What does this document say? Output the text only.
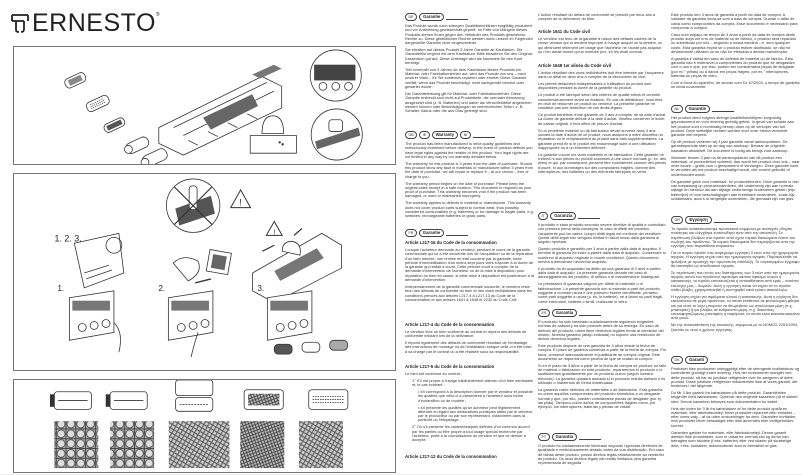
ERNESTO ®
!
1. 2. 3.
!
1.	2.	3.
DE	Garantie

Das Produkt wurde nach strengen Qualitätsrichtlinien sorgfältig produziert und vor Anlieferung gewissenhaft geprüft. Im Falle von Mängeln dieses Produkts stehen Ihnen gegen den Verkäufer des Produkts gesetzliche Rechte zu. Diese gesetzlichen Rechte werden durch unsere im Folgenden dargestellte Garantie nicht eingeschränkt.

Sie erhalten auf dieses Produkt 3 Jahre Garantie ab Kaufdatum. Die Garantiefrist beginnt mit dem Kaufdatum. Bitte bewahren Sie den Original-Kassenbon gut auf. Diese Unterlage wird als Nachweis für den Kauf benötigt.

Tritt innerhalb von 3 Jahren ab dem Kaufdatum dieses Produkts ein Material- oder Fabrikationsfehler auf, wird das Produkt von uns – nach unserer Wahl – für Sie kostenlos repariert oder ersetzt. Diese Garantie verfällt, wenn das Produkt beschädigt, nicht sachgemäß benutzt oder gewartet wurde.

Die Garantieleistung gilt für Material- oder Fabrikationsfehler. Diese Garantie erstreckt sich nicht auf Produktteile, die normaler Abnutzung ausgesetzt sind (z. B. Batterien) und daher als Verschleißteile angesehen werden können oder Beschädigungen an zerbrechlichen Teilen, z. B. Schalter, Akkus oder die aus Glas gefertigt sind.

GB	IE	Warranty	NI

The product has been manufactured to strict quality guidelines and meticulously examined before delivery. In the event of product defects you have legal rights against the retailer of this product. Your legal rights are not limited in any way by our warranty detailed below.

The warranty for this product is 3 years from the date of purchase. Should this product show any fault in materials or manufacture within 3 years from the date of purchase, we will repair or replace it – at our choice – free of charge to you.

The warranty period begins on the date of purchase. Please keep the original sales receipt in a safe location. This document is required as your proof of purchase. This warranty becomes void if the product has been damaged, or used or maintained improperly.

The warranty applies to defects in material or manufacture. This warranty does not cover product parts subject to normal wear, thus possibly considered consumables (e.g. batteries) or for damage to fragile parts, e.g. switches, rechargeable batteries or glass parts.

FR	Garantie
Article L217-16 du Code de la consommation

Lorsque l'acheteur demande au vendeur, pendant le cours de la garantie commerciale qui lui a été consentie lors de l'acquisition ou de la réparation d'un bien meuble, une remise en état couverte par la garantie, toute période d'immobilisation d'au moins sept jours vient s'ajouter à la durée de la garantie qui restait à courir. Cette période court à compter de la demande d'intervention de l'acheteur ou de la mise à disposition pour réparation du bien en cause, si cette mise à disposition est postérieure à la demande d'intervention.

Indépendamment de la garantie commerciale souscrite, le vendeur reste tenu des défauts de conformité du bien et des vices rédhibitoires dans les conditions prévues aux articles L217-4 à L217-13 du Code de la consommation et aux articles 1641 à 1648 et 2232 du Code Civil.

Article L217-4 du Code de la consommation

Le vendeur livre un bien conforme au contrat et répond des défauts de conformité existant lors de la délivrance.

Il répond également des défauts de conformité résultant de l'emballage, des instructions de montage ou de l'installation lorsque celle-ci a été mise à sa charge par le contrat ou a été réalisée sous sa responsabilité.

Article L217-5 du Code de la consommation

Le bien est conforme au contrat :

1° S'il est propre à l'usage habituellement attendu d'un bien semblable et, le cas échéant :

• s'il correspond à la description donnée par le vendeur et possède les qualités que celui-ci a présentées à l'acheteur sous forme d'échantillon ou de modèle ;

• s'il présente les qualités qu'un acheteur peut légitimement attendre eu égard aux déclarations publiques faites par le vendeur, par le producteur ou par son représentant, notamment dans la publicité ou l'étiquetage ;

2° Ou s'il présente les caractéristiques définies d'un commun accord par les parties ou être propre à tout usage spécial recherché par l'acheteur, porté à la connaissance du vendeur et que ce dernier a accepté.

Article L217-12 du Code de la consommation

L'action résultant du défaut de conformité se prescrit par deux ans à compter de la délivrance du bien.

Article 1641 du Code civil

Le vendeur est tenu de la garantie à raison des défauts cachés de la chose vendue qui la rendent impropre à l'usage auquel on la destine, ou qui diminuent tellement cet usage que l'acheteur ne l'aurait pas acquise, ou n'en aurait donné qu'un moindre prix, s'il les avait connus.

Article 1648 1er alinéa du Code civil

L'action résultant des vices rédhibitoires doit être intentée par l'acquéreur dans un délai de deux ans à compter de la découverte du vice.

Les pièces détachées indispensables à l'utilisation du produit sont disponibles pendant la durée de la garantie du produit.

Le produit a été fabriqué selon des critères de qualité stricts et contrôlé consciencieusement avant sa livraison. En cas de défaillance, vous êtes en droit de retourner ce produit au vendeur. La présente garantie ne constitue pas une restriction de vos droits légaux.

Ce produit bénéficie d'une garantie de 3 ans à compter de sa date d'achat. La durée de garantie débute à la date d'achat. Veuillez conserver le ticket de caisse original. Il fera office de preuve d'achat.

Si un problème matériel ou de fabrication devait survenir dans 3 ans suivant la date d'achat de ce produit, nous assurons à notre discrétion la réparation ou le remplacement du produit sans frais supplémentaires. La garantie prend fin si le produit est endommagé suite à une utilisation inappropriée ou à un entretien déficient.

La garantie couvre les vices matériels et de fabrication. Cette garantie ne s'étend ni aux pièces du produit soumises à une usure normale (p. ex. des piles) et qui, par conséquent, peuvent être considérées comme des pièces d'usure, ni aux dommages sur des composants fragiles, comme des interrupteurs, des batteries ou des éléments fabriqués en verre.

IT	Garanzia

Il prodotto è stato prodotto secondo severe direttive di qualità e controllato con premura prima della consegna. In caso di difetti del prodotto, l'acquirente può far valere i propri diritti legali nei confronti del venditore. Questi diritti legali non vengono limitati in alcun modo dalla garanzia di seguito riportata.

Questo prodotto è garantito per 3 anni a partire dalla data di acquisto. Il termine di garanzia ha inizio a partire dalla data di acquisto. Conservare lo scontrino di acquisto originale in buone condizioni. Questo documento servirà a dimostrare l'avvenuto acquisto.

Il prodotto da lei acquistato ha diritto ad una garanzia di 3 anni a partire dalla data di acquisto. La presente garanzia decade nel caso di danneggiamento del prodotto, di utilizzo o di manutenzione inadeguati.

Le prestazioni di garanzia valgono per difetti di materiale o di fabbricazione. La presente garanzia non si estende a parti del prodotto soggette a normale usura e che possono essere identificate, pertanto, come parti soggette a usura (p. es. le batterie), né a danni su parti fragili, come interruttori, batterie o simili, realizzate in vetro.

ES	Garantía

El producto ha sido fabricado cuidadosamente siguiendo exigentes normas de calidad y ha sido probado antes de su entrega. En caso de defecto del producto, usted tiene derechos legales frente al vendedor del mismo. Nuestra garantía (abajo indicada) no supone una restricción de dichos derechos legales.

Este producto dispone de una garantía de 3 años desde la fecha de compra. El plazo de garantía comienza a partir de la fecha de compra. Por favor, conserve adecuadamente el justificante de compra original. Este documento se requerirá como prueba de que se realizó la compra.

Si en el plazo de 3 años a partir de la fecha de compra se produce un fallo de material o fabricación en este producto, repararemos el producto o lo sustituiremos gratuitamente por un producto nuevo (según nuestra elección). La garantía quedará anulada si el producto resulta dañado o es utilizado o mantenido de forma inadecuada.

La garantía cubre defectos de materiales o de fabricación. Esta garantía no cubre aquellos componentes del producto sometidos a un desgaste normal y que, por ello, pueden considerarse piezas de desgaste (por ej. las pilas). Tampoco cubre daños de componentes frágiles como, por ejemplo, los interruptores, baterías y piezas de cristal.

PT	Garantia

O produto foi cuidadosamente fabricado segundo rigorosas diretrizes de qualidade e meticulosamente testado antes da sua distribuição. Em caso de falhas deste produto, possui direitos legais relativamente ao vendedor do produto. Os seus direitos legais não estão limitados pela garantia representada de seguida.

Este produto tem 3 anos de garantia a partir da data de compra. A validade da garantia inicia-se com a data de compra. Guarde o talão de caixa como comprovativo da compra. Esse documento é necessário para comprovar a compra.

Caso num espaço de tempo de 3 anos a partir da data de compra deste produto surja um erro de material ou de fabrico, o produto será reparado ou substituído por nós – segundo a nossa escolha – e, sem qualquer custo. Esta garantia expira se o produto estiver danificado, se não for devidamente utilizado ou se não for efetuada a devida manutenção.

A garantia é válida em caso de defeitos de material ou de fabrico. Esta garantia não é extensível a componentes do produto que se desgastam com o uso e que, por isso, podem ser considerados peças de desgaste (por ex.° pilhas) ou a danos em peças frágeis, por ex.° interruptores, baterias ou peças de vidro.

Com a troca do aparelho, de acordo com DL 67/2003, o tempo de garantia se inicia novamente.

NL	Garantie

Het product werd volgens strenge kwaliteitsrichtlijnen zorgvuldig geproduceerd en voor levering grondig getest. In geval van schade aan het product kunt u rechtmatig beroep doen op de verkoper van het product. Deze wettelijke rechten worden door onze hierna vermelde garantie niet beperkt.

Op dit product verlenen wij 3 jaar garantie vanaf aankoopdatum. De garantieperiode start op de dag van aankoop. Bewaar de originele kassabon alstublieft. Dit document is nodig als bewijs voor aankoop.

Wanneer binnen 3 jaar na de aankoopdatum van dit product een materiaal- of productiefout optreedt, dan wordt het product door ons – naar onze keuze – gratis voor u gerepareerd of vervangen. Deze garantie komt te vervallen als het product beschadigd wordt, niet correct gebruikt of onderhouden wordt.

De garantie geldt voor materiaal- en productiefouten. Deze garantie is niet van toepassing op productonderdelen, die onderhevig zijn aan normale slijtage en hierdoor als aan slijtage onderhevige onderdelen gelden (bijv. batterijen) of voor beschadigingen aan breekbare onderdelen, zoals bijv. schakelaars, accu's of dergelijke onderdelen, die gemaakt zijn van glas.

GR	Εγγύηση

Το προϊόν κατασκευάστηκε προσεκτικά σύμφωνα με αυστηρές οδηγίες ποιότητας και ελέγχθηκε ευσυνείδητα πριν από την αποστολή. Σε περίπτωση βλαβών στο προϊόν αυτό έχετε νομικά δικαιώματα έναντι του πωλητή του προϊόντος. Τα νομικά δικαιώματα δεν περιορίζονται από την εγγύηση που παρατίθεται παρακάτω.

Για το παρόν προϊόν σας παρέχουμε εγγύηση 3 ετών από την ημερομηνία αγοράς. Η εγγύηση ισχύει από την ημερομηνία αγοράς. Παρακαλείσθε να φυλάξετε με προσοχή την πρωτότυπη απόδειξη. Το συγκεκριμένο έγγραφο θα απαιτηθεί ως αποδεικτικό αγοράς.

Σε περίπτωση που εντός του διαστήματος των 3 ετών από την ημερομηνία αγοράς αυτού του προϊόντος προκύψει κάποιο σφάλμα υλικού ή κατασκευής, το προϊόν επισκευάζεται ή αντικαθίσταται από εμάς – κατόπιν επιλογής μας – δωρεάν. Αυτή η εγγύηση παύει να ισχύει αν το προϊόν πάθει βλάβη, χρησιμοποιηθεί ή συντηρηθεί κατά τρόπο ακατάλληλο.

Η εγγύηση ισχύει για σφάλματα υλικού ή κατασκευής. Αυτή η εγγύηση δεν επεκτείνεται σε μέρη προϊόντος, τα οποία εκτίθενται σε φυσιολογική φθορά και για αυτό το λόγο μπορούν να θεωρηθούν ως αναλώσιμα μέρη (π.χ. μπαταρίες) ή για βλάβες σε εύθραυστα μέρη, π.χ. διακόπτες, επαναφορτιζόμενες μπαταρίες ή παρόμοια, τα οποία είναι κατασκευασμένα από γυαλί.

Με την αντικατάσταση της συσκευής, σύμφωνα με το ΝΟΜΟΣ 2251/1994, ξεκινάει εκ νέου ο χρόνος εγγύησης.

DK	Garanti

Produktet blev produceret omhyggeligt efter de strengeste kvalitetskrav og kontrolleret grundigt inden levering. Hvis der forekommer mangler ved dette produkt, så har du juridiske rettigheder over for sælgeren af dette produkt. Disse juridiske rettigheder indskrænkes ikke af vores garanti, der beskrives i det følgende.

Du får 3 års garanti fra købsdatoen på dette produkt. Garantifristen begynder med købsdatoen. Opbevar den originale kassebon på et sikkert sted. Denne kassebon behøves som dokumentation for købet.

Hvis der inden for 3 år fra købsdatoen af for dette produkt opstår en materiale- eller fabrikationsfejl, bliver produktet repareret eller erstattet – efter vores valg – af os uden omkostninger for dem. Garantien bortfalder, hvis produktet bliver beskadiget eller ikke anvendes eller vedligeholdes korrekt.

Garantien gælder for materiale- eller fabrikationsfejl. Denne garanti dækker ikke produktdele, som er udsat for normalt slid og derfor kan betragtes som sliddele (f.eks. batterier) eller ved skader på skrøbelige dele, f.eks. kontakter, akkumulatorer som er fremstillet af glas.
